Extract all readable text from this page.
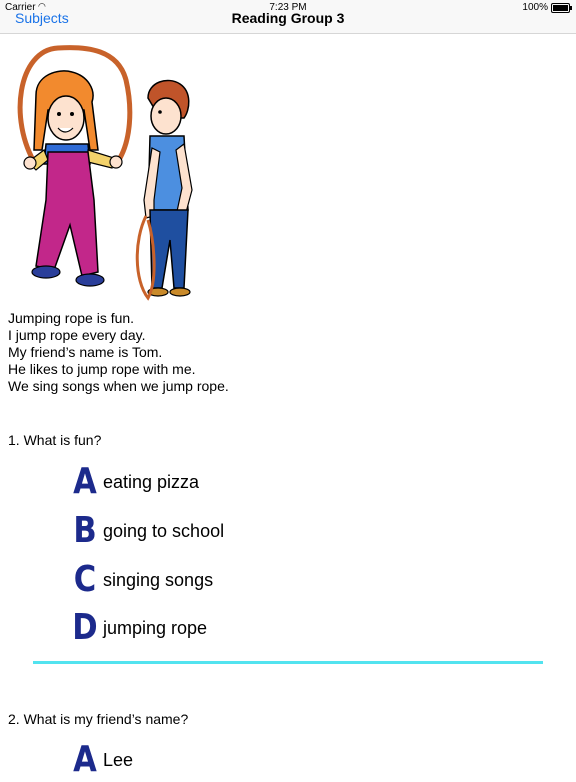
Subjects	Reading Group 3
Carrier ◠	7:23 PM	100%
Jumping rope is fun.
I jump rope every day.
My friend’s name is Tom.
He likes to jump rope with me.
We sing songs when we jump rope.
1. What is fun?
A eating pizza
B going to school
C singing songs
D jumping rope
2. What is my friend’s name?
A Lee
